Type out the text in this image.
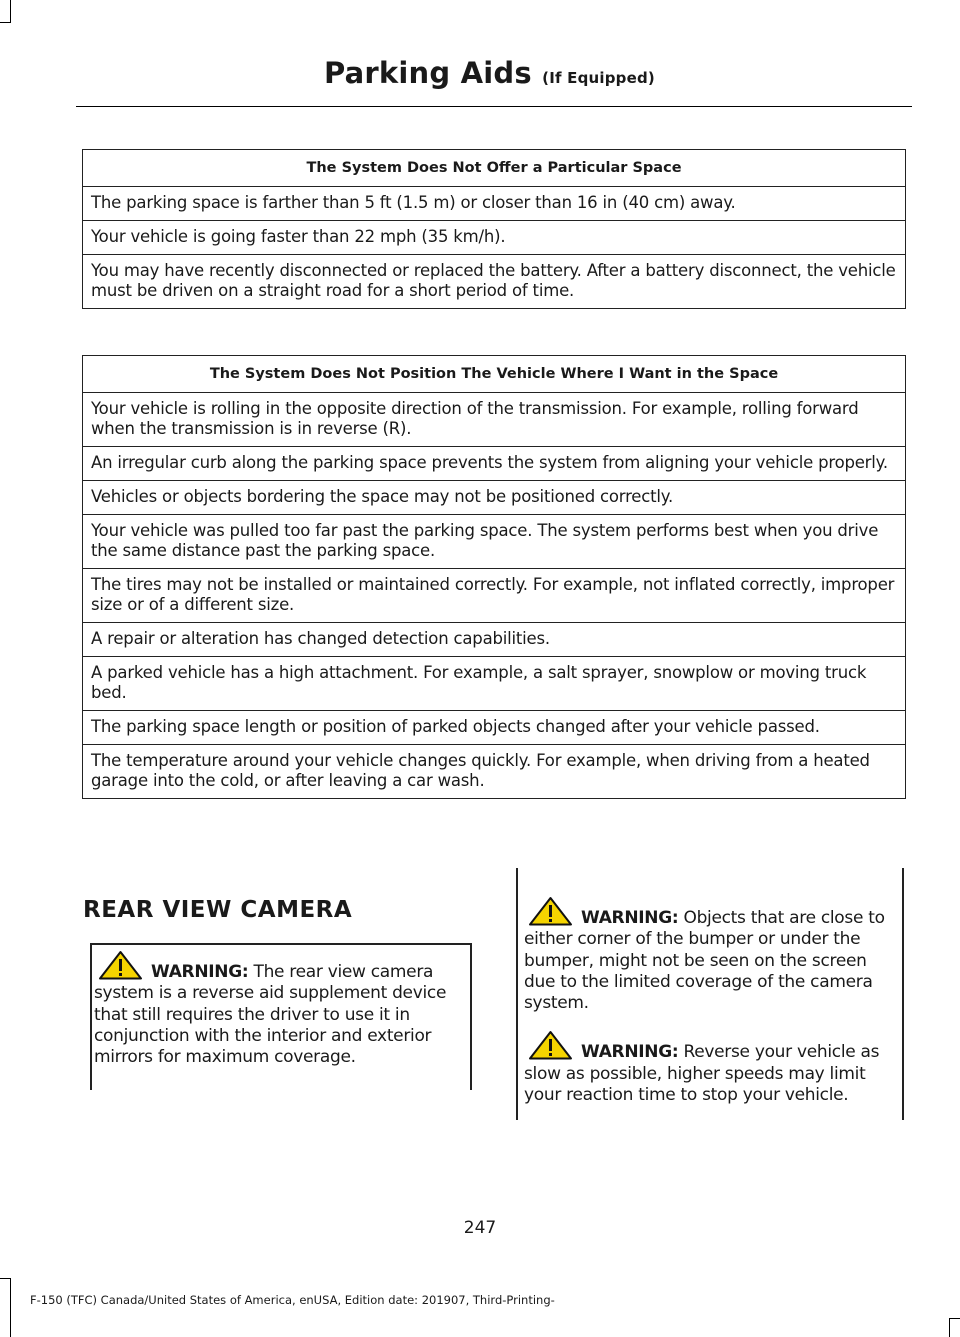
Parking Aids (If Equipped)
The System Does Not Offer a Particular Space
The parking space is farther than 5 ft (1.5 m) or closer than 16 in (40 cm) away.
Your vehicle is going faster than 22 mph (35 km/h).
You may have recently disconnected or replaced the battery. After a battery disconnect, the vehicle must be driven on a straight road for a short period of time.
The System Does Not Position The Vehicle Where I Want in the Space
Your vehicle is rolling in the opposite direction of the transmission. For example, rolling forward when the transmission is in reverse (R).
An irregular curb along the parking space prevents the system from aligning your vehicle properly.
Vehicles or objects bordering the space may not be positioned correctly.
Your vehicle was pulled too far past the parking space. The system performs best when you drive the same distance past the parking space.
The tires may not be installed or maintained correctly. For example, not inflated correctly, improper size or of a different size.
A repair or alteration has changed detection capabilities.
A parked vehicle has a high attachment. For example, a salt sprayer, snowplow or moving truck bed.
The parking space length or position of parked objects changed after your vehicle passed.
The temperature around your vehicle changes quickly. For example, when driving from a heated garage into the cold, or after leaving a car wash.
REAR VIEW CAMERA

WARNING: The rear view camera system is a reverse aid supplement device that still requires the driver to use it in conjunction with the interior and exterior mirrors for maximum coverage.

WARNING: Objects that are close to either corner of the bumper or under the bumper, might not be seen on the screen due to the limited coverage of the camera system.

WARNING: Reverse your vehicle as slow as possible, higher speeds may limit your reaction time to stop your vehicle.

247
F-150 (TFC) Canada/United States of America, enUSA, Edition date: 201907, Third-Printing-
